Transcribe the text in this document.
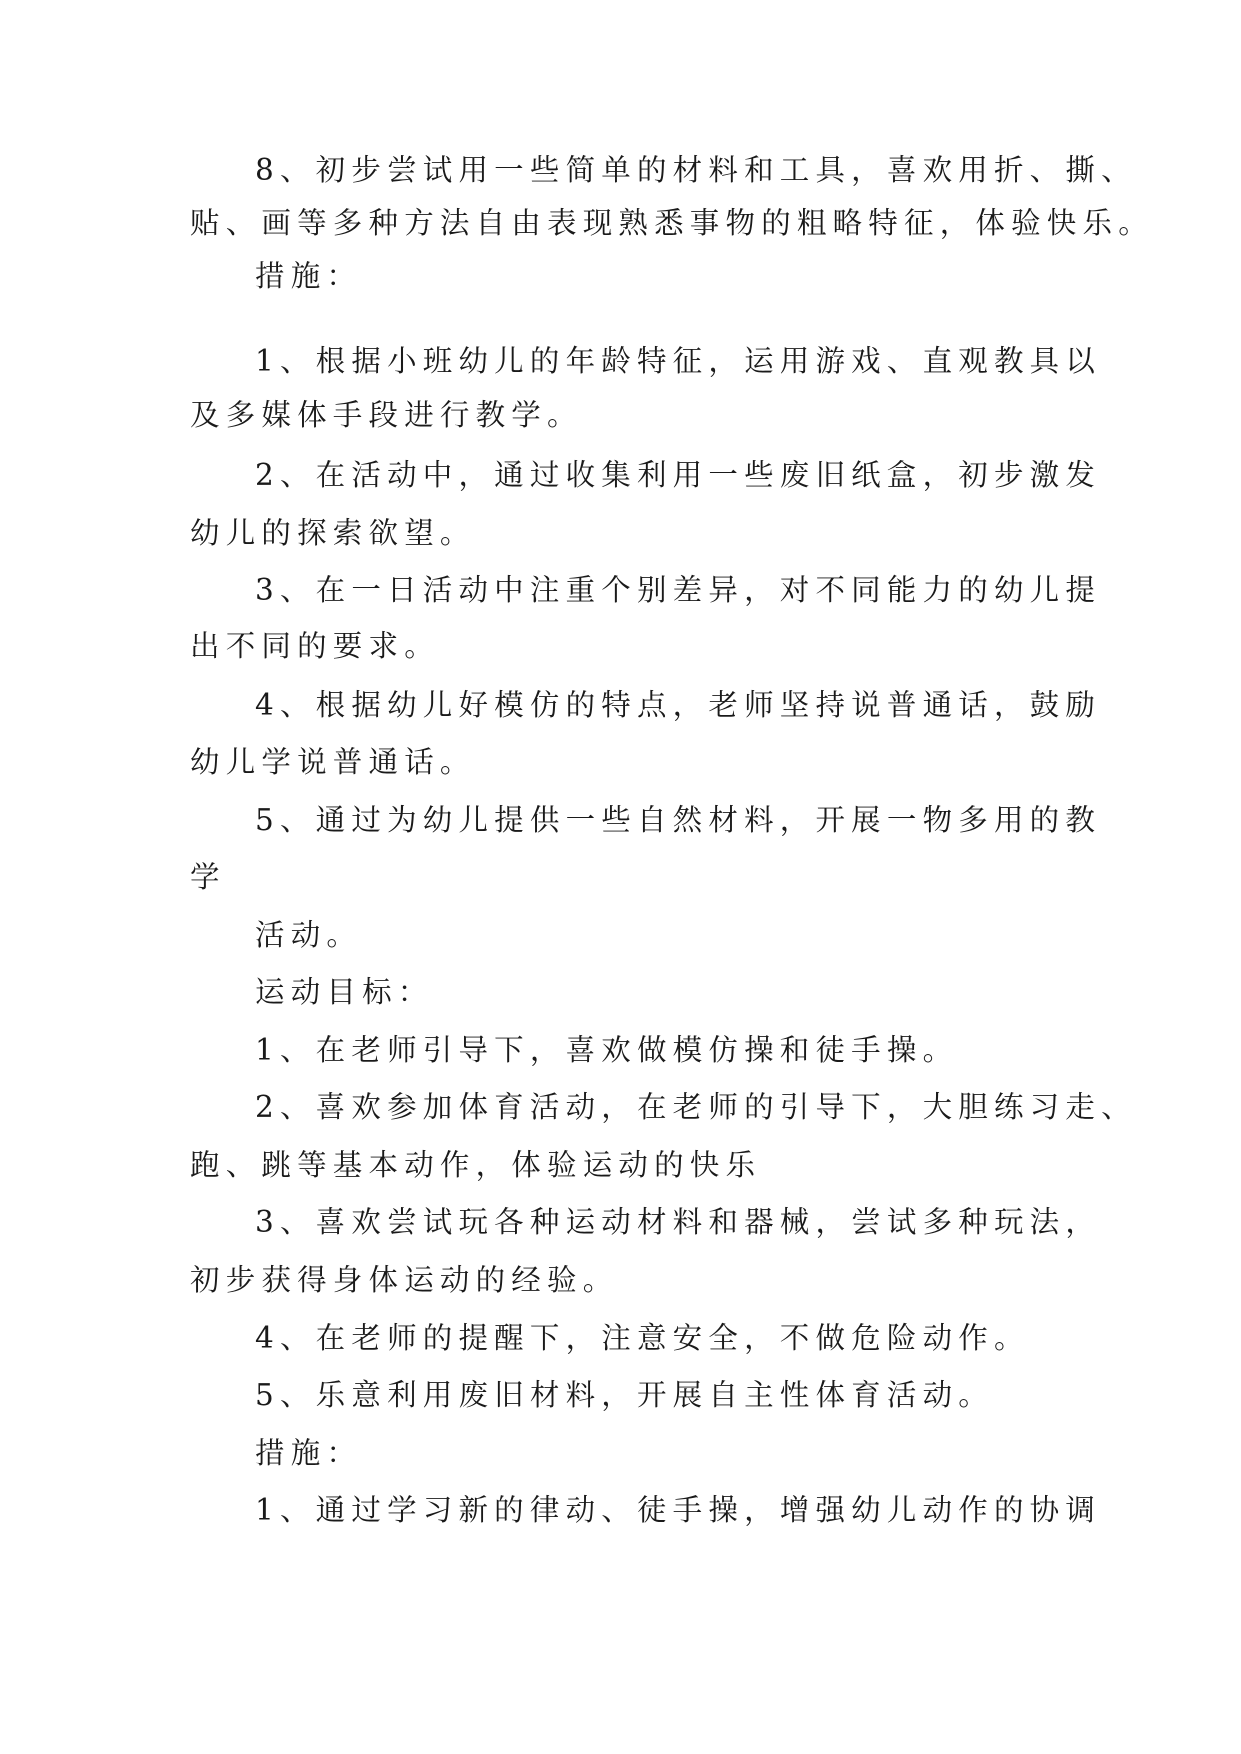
8、初步尝试用一些简单的材料和工具，喜欢用折、撕、

贴、画等多种方法自由表现熟悉事物的粗略特征，体验快乐。

措施：

1、根据小班幼儿的年龄特征，运用游戏、直观教具以

及多媒体手段进行教学。

2、在活动中，通过收集利用一些废旧纸盒，初步激发

幼儿的探索欲望。

3、在一日活动中注重个别差异，对不同能力的幼儿提

出不同的要求。

4、根据幼儿好模仿的特点，老师坚持说普通话，鼓励

幼儿学说普通话。

5、通过为幼儿提供一些自然材料，开展一物多用的教

学

活动。

运动目标：

1、在老师引导下，喜欢做模仿操和徒手操。

2、喜欢参加体育活动，在老师的引导下，大胆练习走、

跑、跳等基本动作，体验运动的快乐

3、喜欢尝试玩各种运动材料和器械，尝试多种玩法，

初步获得身体运动的经验。

4、在老师的提醒下，注意安全，不做危险动作。

5、乐意利用废旧材料，开展自主性体育活动。

措施：

1、通过学习新的律动、徒手操，增强幼儿动作的协调
